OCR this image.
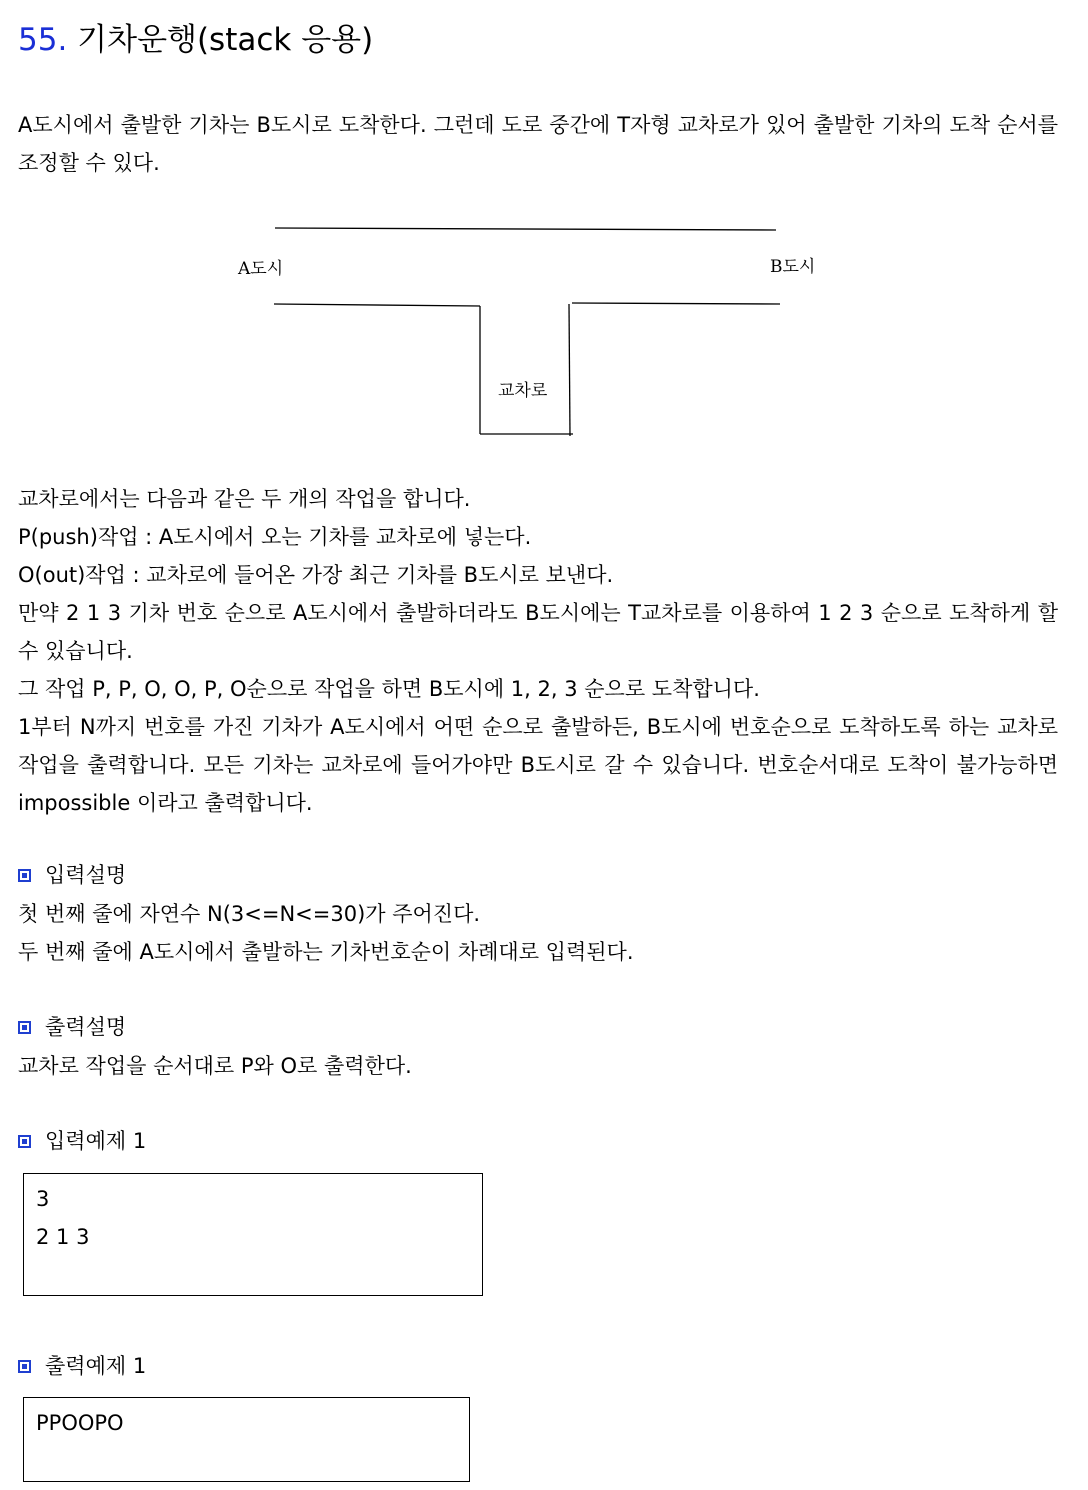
55. 기차운행(stack 응용)
A도시에서 출발한 기차는 B도시로 도착한다. 그런데 도로 중간에 T자형 교차로가 있어 출발한 기차의 도착 순서를 조정할 수 있다.
A도시	B도시
교차로

교차로에서는 다음과 같은 두 개의 작업을 합니다.

P(push)작업 : A도시에서 오는 기차를 교차로에 넣는다.

O(out)작업 : 교차로에 들어온 가장 최근 기차를 B도시로 보낸다.

만약 2 1 3 기차 번호 순으로 A도시에서 출발하더라도 B도시에는 T교차로를 이용하여 1 2 3 순으로 도착하게 할 수 있습니다.

그 작업 P, P, O, O, P, O순으로 작업을 하면 B도시에 1, 2, 3 순으로 도착합니다.

1부터 N까지 번호를 가진 기차가 A도시에서 어떤 순으로 출발하든, B도시에 번호순으로 도착하도록 하는 교차로 작업을 출력합니다. 모든 기차는 교차로에 들어가야만 B도시로 갈 수 있습니다. 번호순서대로 도착이 불가능하면 impossible 이라고 출력합니다.

입력설명
첫 번째 줄에 자연수 N(3<=N<=30)가 주어진다.
두 번째 줄에 A도시에서 출발하는 기차번호순이 차례대로 입력된다.
출력설명
교차로 작업을 순서대로 P와 O로 출력한다.
입력예제 1
3
2 1 3
출력예제 1
PPOOPO
